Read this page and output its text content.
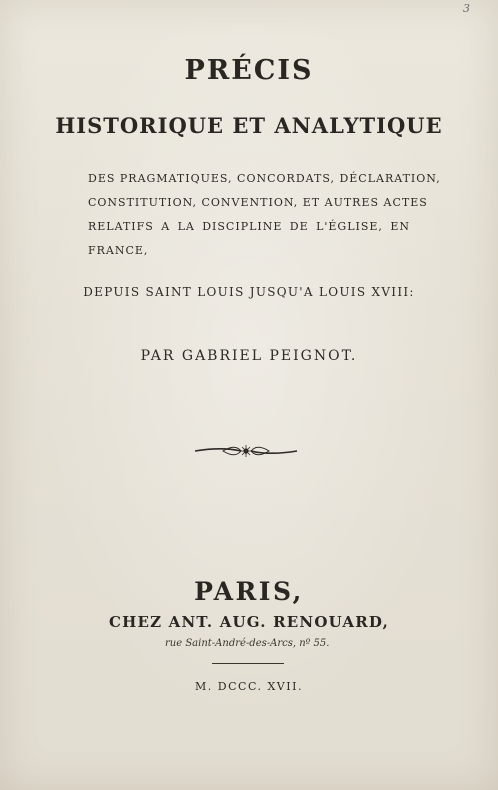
3
PRÉCIS
HISTORIQUE ET ANALYTIQUE
DES PRAGMATIQUES, CONCORDATS, DÉCLARATION,
CONSTITUTION, CONVENTION, ET AUTRES ACTES
RELATIFS A LA DISCIPLINE DE L'ÉGLISE, EN
FRANCE,
DEPUIS SAINT LOUIS JUSQU'A LOUIS XVIII:
PAR GABRIEL PEIGNOT.
PARIS,
CHEZ ANT. AUG. RENOUARD,
rue Saint-André-des-Arcs, nº 55.
M. DCCC. XVII.
